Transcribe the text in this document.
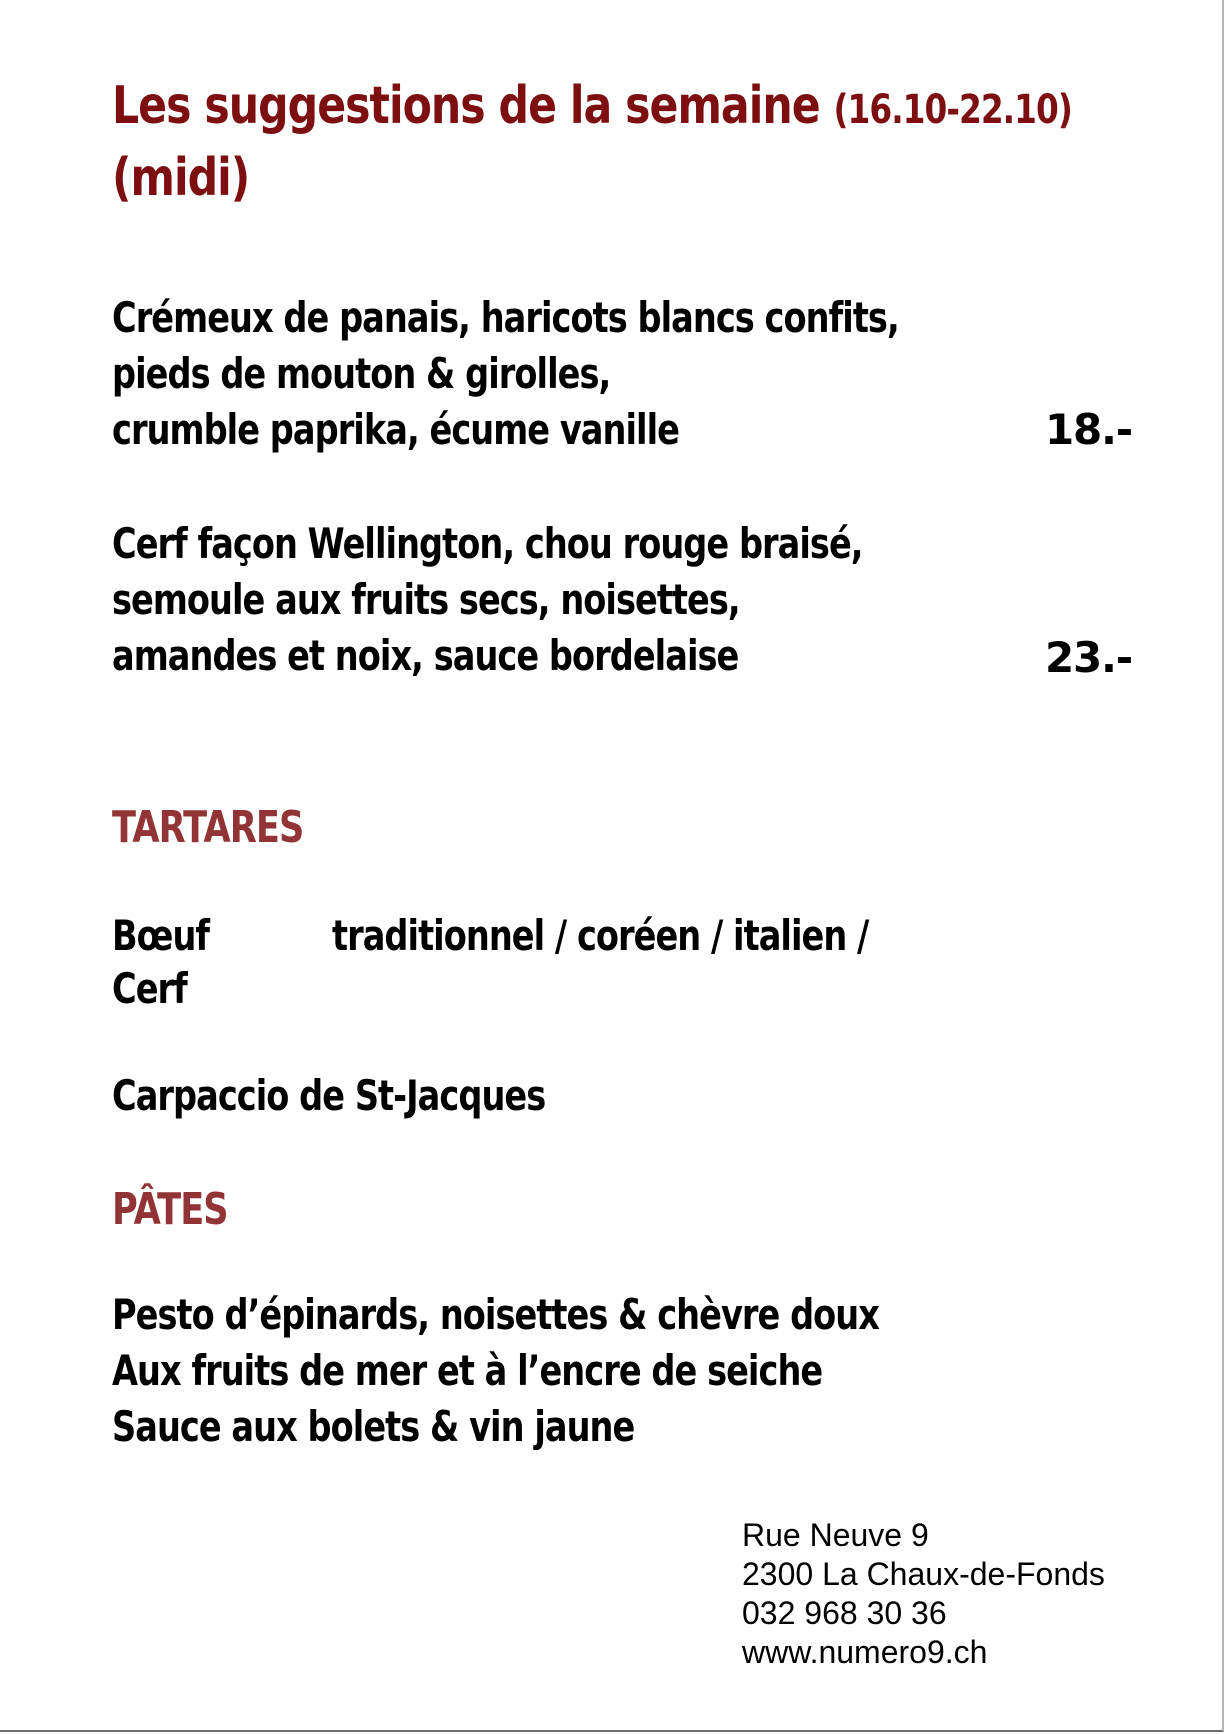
Les suggestions de la semaine (16.10-22.10)
(midi)
Crémeux de panais, haricots blancs confits,
pieds de mouton & girolles,
crumble paprika, écume vanille	18.-
Cerf façon Wellington, chou rouge braisé,
semoule aux fruits secs, noisettes,
amandes et noix, sauce bordelaise	23.-
TARTARES
Bœuf	traditionnel / coréen / italien /
Cerf
Carpaccio de St-Jacques
PÂTES
Pesto d’épinards, noisettes & chèvre doux
Aux fruits de mer et à l’encre de seiche
Sauce aux bolets & vin jaune
Rue Neuve 9
2300 La Chaux-de-Fonds
032 968 30 36
www.numero9.ch
